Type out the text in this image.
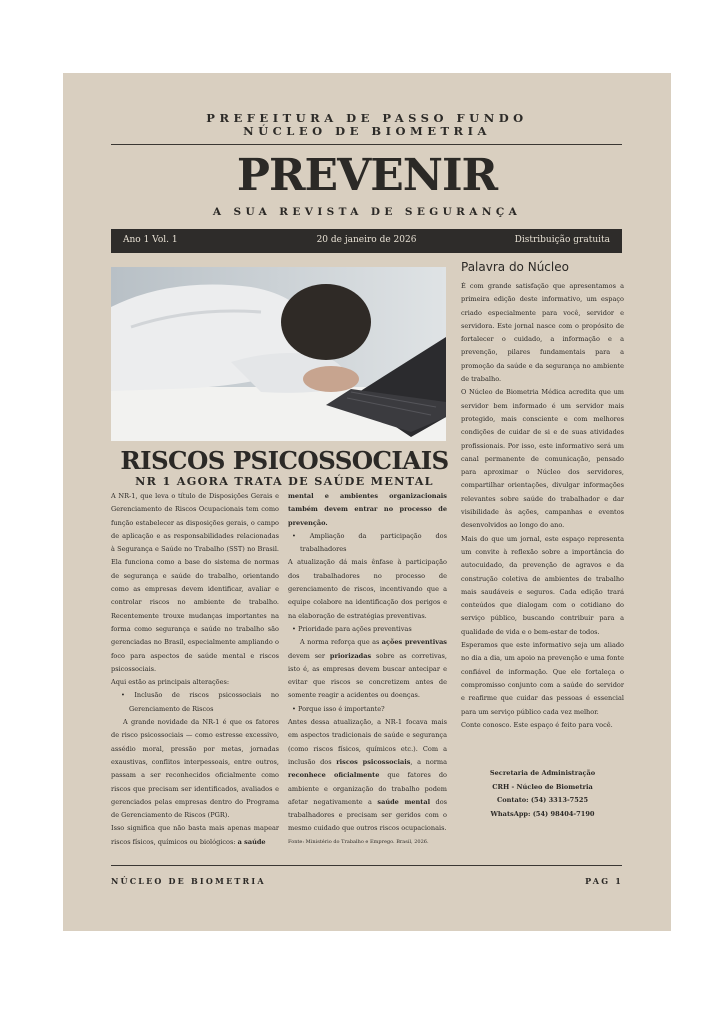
PREFEITURA DE PASSO FUNDO
NÚCLEO DE BIOMETRIA
PREVENIR
A SUA REVISTA DE SEGURANÇA
Ano 1 Vol. 1	20 de janeiro de 2026	Distribuição gratuita
RISCOS PSICOSSOCIAIS
NR 1 AGORA TRATA DE SAÚDE MENTAL

A NR-1, que leva o título de Disposições Gerais e Gerenciamento de Riscos Ocupacionais tem como função estabelecer as disposições gerais, o campo de aplicação e as responsabilidades relacionadas à Segurança e Saúde no Trabalho (SST) no Brasil. Ela funciona como a base do sistema de normas de segurança e saúde do trabalho, orientando como as empresas devem identificar, avaliar e controlar riscos no ambiente de trabalho. Recentemente trouxe mudanças importantes na forma como segurança e saúde no trabalho são gerenciadas no Brasil, especialmente ampliando o foco para aspectos de saúde mental e riscos psicossociais.

Aqui estão as principais alterações:

• Inclusão de riscos psicossociais no Gerenciamento de Riscos

A grande novidade da NR-1 é que os fatores de risco psicossociais — como estresse excessivo, assédio moral, pressão por metas, jornadas exaustivas, conflitos interpessoais, entre outros, passam a ser reconhecidos oficialmente como riscos que precisam ser identificados, avaliados e gerenciados pelas empresas dentro do Programa de Gerenciamento de Riscos (PGR).

Isso significa que não basta mais apenas mapear riscos físicos, químicos ou biológicos: a saúde

mental e ambientes organizacionais também devem entrar no processo de prevenção.

• Ampliação da participação dos trabalhadores

A atualização dá mais ênfase à participação dos trabalhadores no processo de gerenciamento de riscos, incentivando que a equipe colabore na identificação dos perigos e na elaboração de estratégias preventivas.

• Prioridade para ações preventivas

A norma reforça que as ações preventivas devem ser priorizadas sobre as corretivas, isto é, as empresas devem buscar antecipar e evitar que riscos se concretizem antes de somente reagir a acidentes ou doenças.

• Porque isso é importante?

Antes dessa atualização, a NR-1 focava mais em aspectos tradicionais de saúde e segurança (como riscos físicos, químicos etc.). Com a inclusão dos riscos psicossociais, a norma reconhece oficialmente que fatores do ambiente e organização do trabalho podem afetar negativamente a saúde mental dos trabalhadores e precisam ser geridos com o mesmo cuidado que outros riscos ocupacionais.

Fonte: Ministério do Trabalho e Emprego. Brasil, 2026.

Palavra do Núcleo

É com grande satisfação que apresentamos a primeira edição deste informativo, um espaço criado especialmente para você, servidor e servidora. Este jornal nasce com o propósito de fortalecer o cuidado, a informação e a prevenção, pilares fundamentais para a promoção da saúde e da segurança no ambiente de trabalho.

O Núcleo de Biometria Médica acredita que um servidor bem informado é um servidor mais protegido, mais consciente e com melhores condições de cuidar de si e de suas atividades profissionais. Por isso, este informativo será um canal permanente de comunicação, pensado para aproximar o Núcleo dos servidores, compartilhar orientações, divulgar informações relevantes sobre saúde do trabalhador e dar visibilidade às ações, campanhas e eventos desenvolvidos ao longo do ano.

Mais do que um jornal, este espaço representa um convite à reflexão sobre a importância do autocuidado, da prevenção de agravos e da construção coletiva de ambientes de trabalho mais saudáveis e seguros. Cada edição trará conteúdos que dialogam com o cotidiano do serviço público, buscando contribuir para a qualidade de vida e o bem-estar de todos.

Esperamos que este informativo seja um aliado no dia a dia, um apoio na prevenção e uma fonte confiável de informação. Que ele fortaleça o compromisso conjunto com a saúde do servidor e reafirme que cuidar das pessoas é essencial para um serviço público cada vez melhor.

Conte conosco. Este espaço é feito para você.

Secretaria de Administração
CRH - Núcleo de Biometria
Contato: (54) 3313-7525
WhatsApp: (54) 98404-7190
NÚCLEO DE BIOMETRIA	PAG 1
